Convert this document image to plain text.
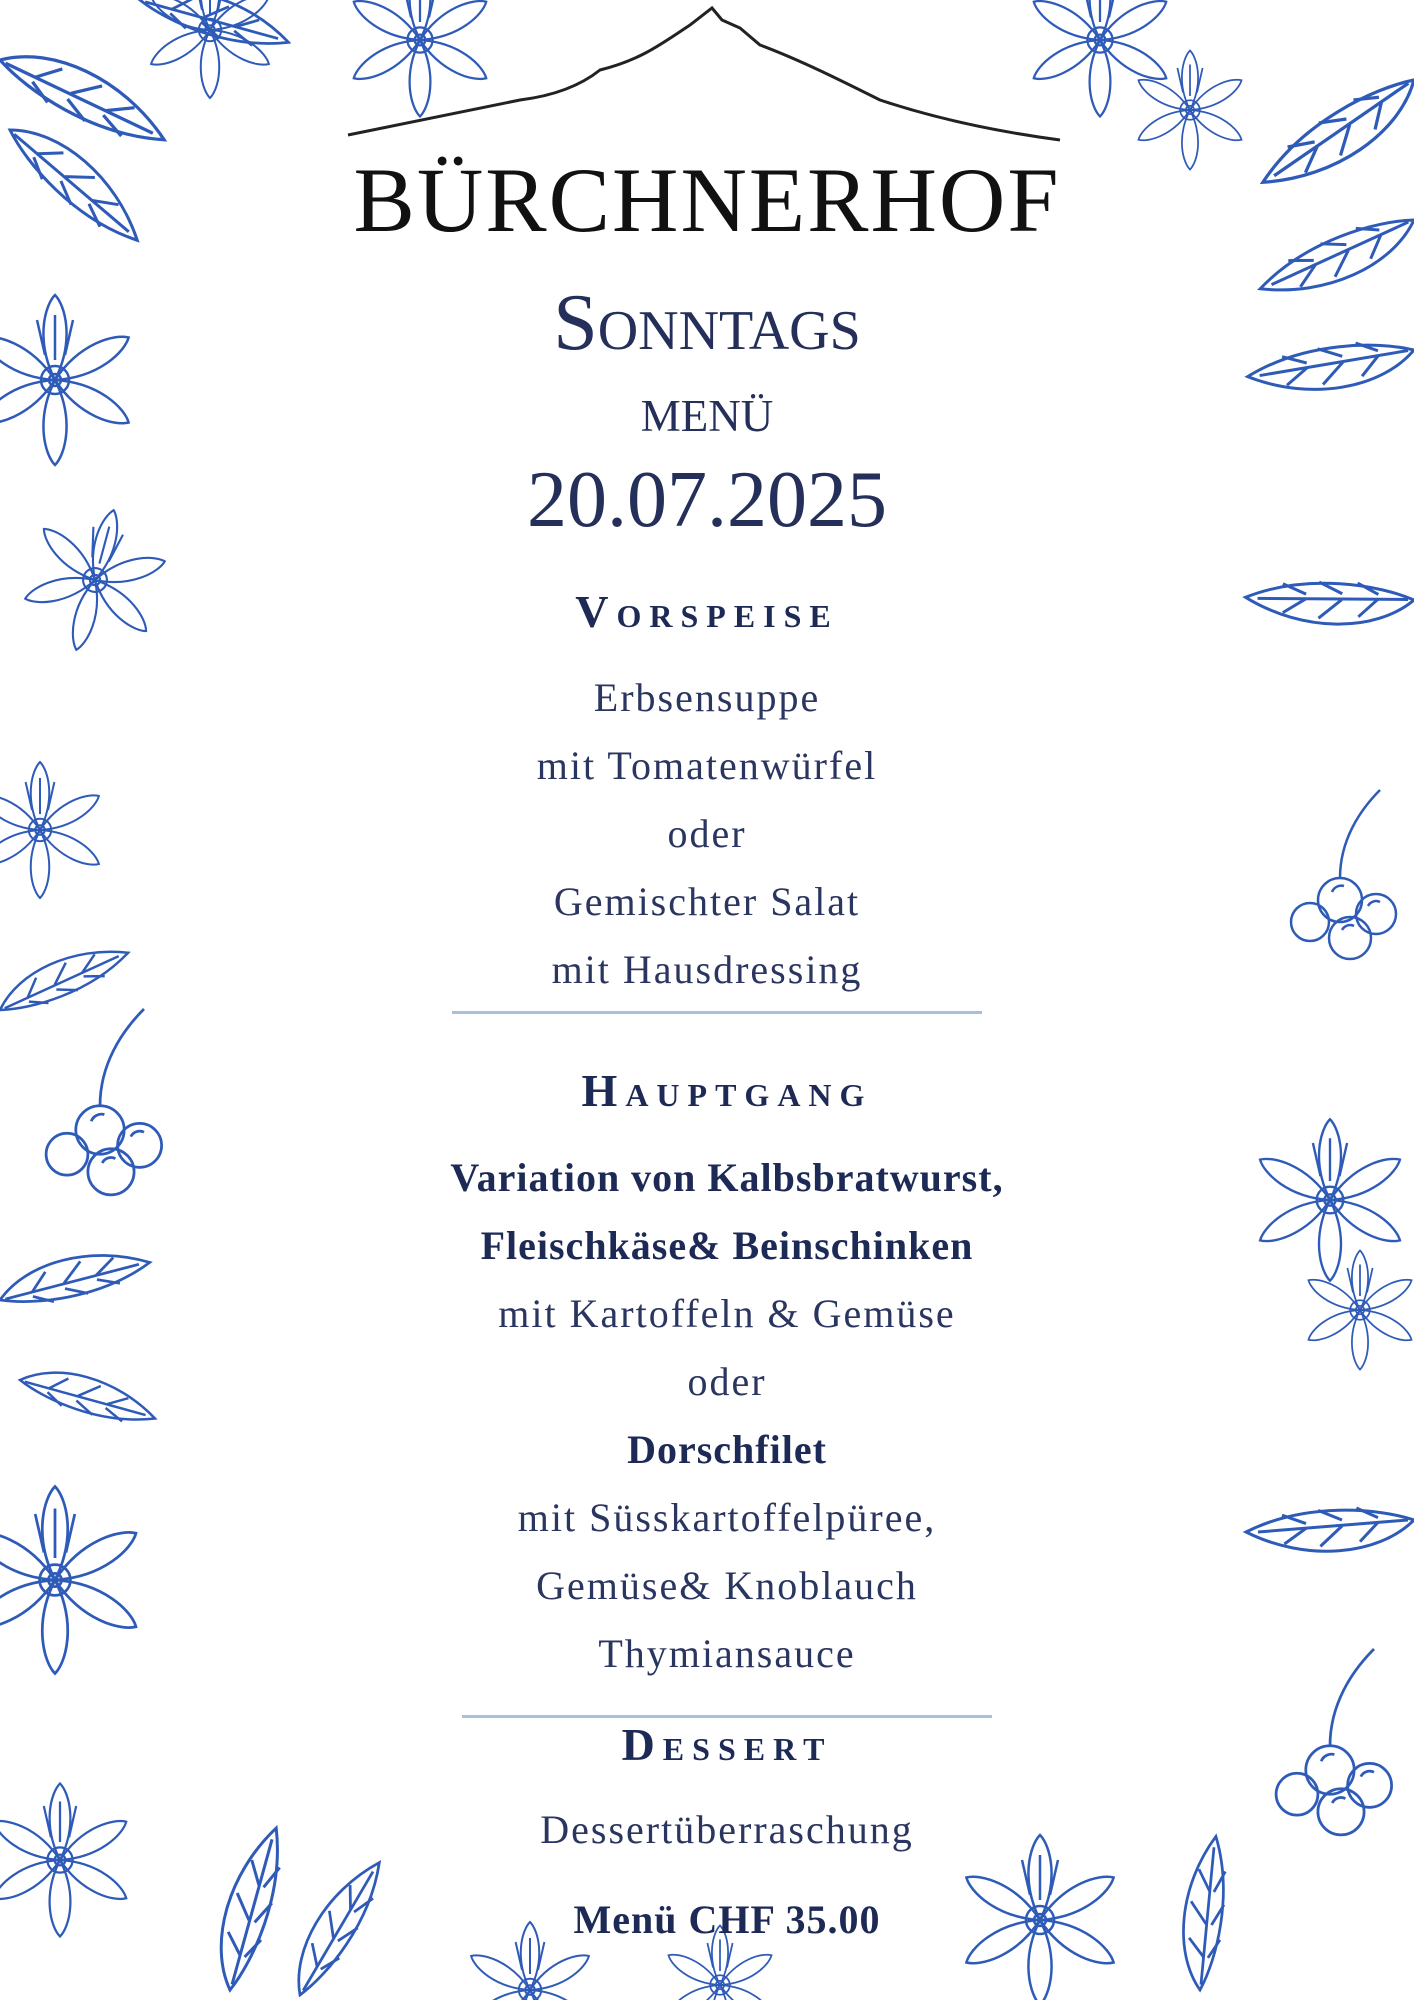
BÜRCHNERHOF
Sonntags
menü
20.07.2025
Vorspeise
Erbsensuppe
mit Tomatenwürfel
oder
Gemischter Salat
mit Hausdressing
Hauptgang
Variation von Kalbsbratwurst,
Fleischkäse& Beinschinken
mit Kartoffeln & Gemüse
oder
Dorschfilet
mit Süsskartoffelpüree,
Gemüse& Knoblauch
Thymiansauce
Dessert
Dessertüberraschung
Menü CHF 35.00
